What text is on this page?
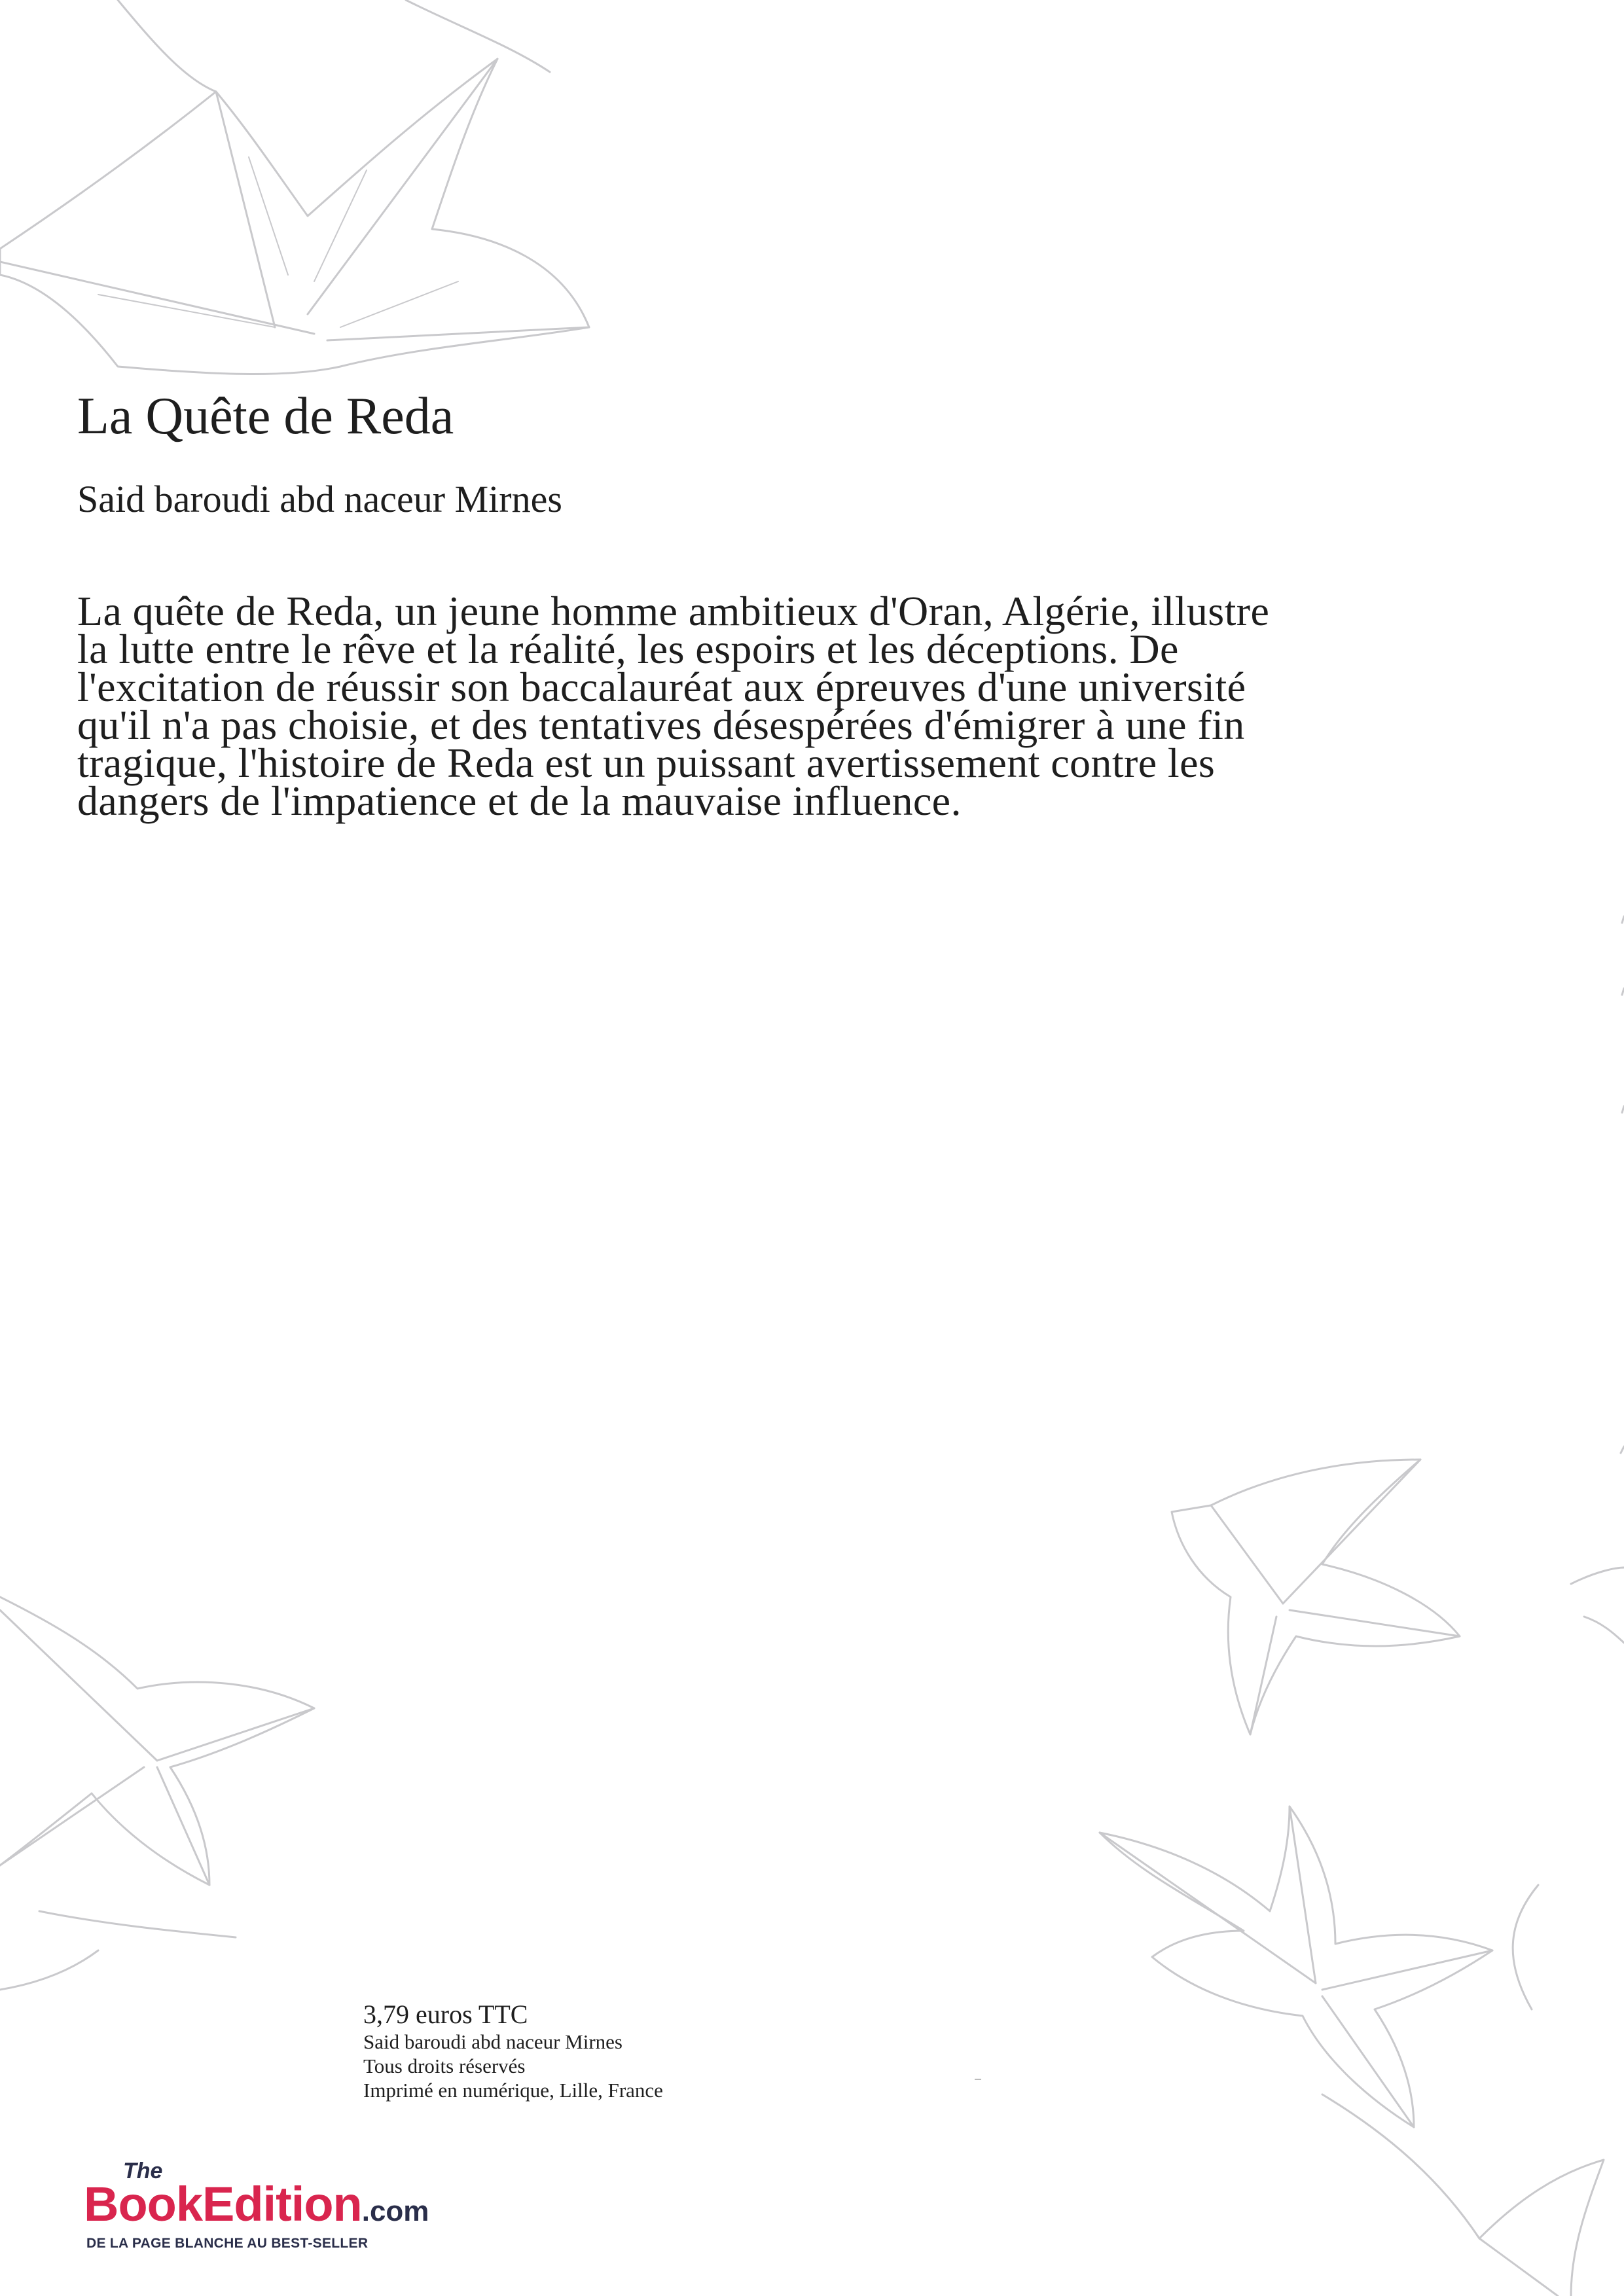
La Quête de Reda

Said baroudi abd naceur Mirnes

La quête de Reda, un jeune homme ambitieux d'Oran, Algérie, illustre la lutte entre le rêve et la réalité, les espoirs et les déceptions. De l'excitation de réussir son baccalauréat aux épreuves d'une université qu'il n'a pas choisie, et des tentatives désespérées d'émigrer à une fin tragique, l'histoire de Reda est un puissant avertissement contre les dangers de l'impatience et de la mauvaise influence.

3,79 euros TTC
Said baroudi abd naceur Mirnes
Tous droits réservés
Imprimé en numérique, Lille, France
The
BookEdition.com
DE LA PAGE BLANCHE AU BEST-SELLER
